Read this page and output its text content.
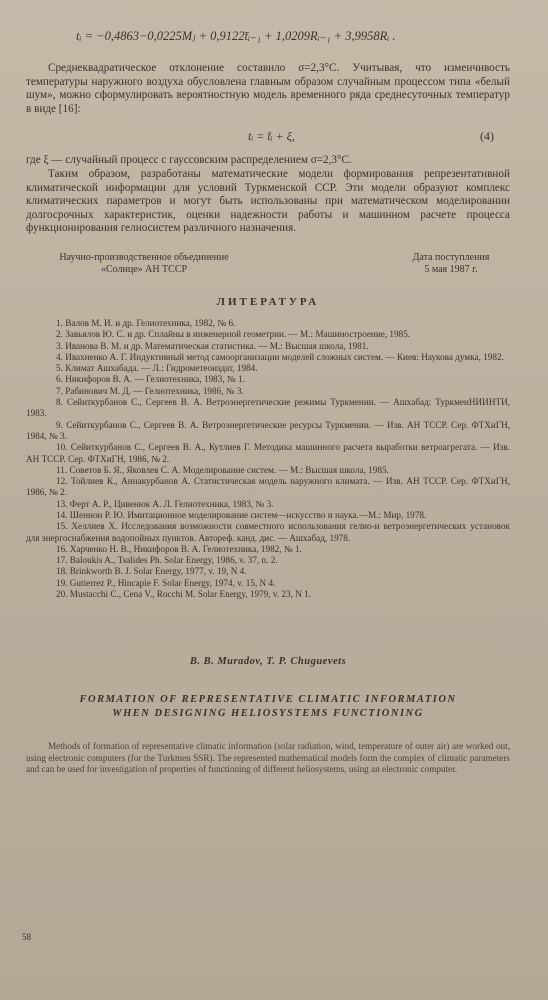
tᵢ = −0,4863−0,0225Mⱼ + 0,9122t̄ᵢ₋₁ + 1,0209Rᵢ₋₁ + 3,9958Rᵢ .

Среднеквадратическое отклонение составило σ=2,3°С. Учитывая, что изменчивость температуры наружного воздуха обусловлена главным образом случайным процессом типа «белый шум», можно сформулировать вероятностную модель временного ряда среднесуточных температур в виде [16]:

tᵢ = t̄ᵢ + ξ,	(4)

где ξ — случайный процесс с гауссовским распределением σ=2,3°С.

Таким образом, разработаны математические модели формирования репрезентативной климатической информации для условий Туркменской ССР. Эти модели образуют комплекс климатических параметров и могут быть использованы при математическом моделировании долгосрочных характеристик, оценки надежности работы и машинном расчете процесса функционирования гелиосистем различного назначения.

Научно-производственное объединение
«Солнце» АН ТССР
Дата поступления
5 мая 1987 г.
ЛИТЕРАТУРА
1. Валов М. И. и др. Гелиотехника, 1982, № 6.
2. Завьялов Ю. С. и др. Сплайны в инженерной геометрии. — М.: Машиностроение, 1985.
3. Иванова В. М. и др. Математическая статистика. — М.: Высшая школа, 1981.
4. Ивахненко А. Г. Индуктивный метод самоорганизации моделей сложных систем. — Киев: Наукова думка, 1982.
5. Климат Ашхабада. — Л.: Гидрометеоиздат, 1984.
6. Никифоров В. А. — Гелиотехника, 1983, № 1.
7. Рабинович М. Д. — Гелиотехника, 1986, № 3.
8. Сейиткурбанов С., Сергеев В. А. Ветроэнергетические режимы Туркмении. — Ашхабад: ТуркменНИИНТИ, 1983.
9. Сейиткурбанов С., Сергеев В. А. Ветроэнергетические ресурсы Туркмении. — Изв. АН ТССР. Сер. ФТХиГН, 1984, № 3.
10. Сейиткурбанов С., Сергеев В. А., Кутлиев Г. Методика машинного расчета выработки ветроагрегата. — Изв. АН ТССР. Сер. ФТХиГН, 1986, № 2.
11. Советов Б. Я., Яковлев С. А. Моделирование систем. — М.: Высшая школа, 1985.
12. Тойлиев К., Аннакурбанов А. Статистическая модель наружного климата. — Изв. АН ТССР. Сер. ФТХиГН, 1986, № 2.
13. Ферт А. Р., Цивенюк А. Л. Гелиотехника, 1983, № 3.
14. Шеннон Р. Ю. Имитационное моделирование систем—искусство и наука.—М.: Мир, 1978.
15. Хеллиев Х. Исследования возможности совместного использования гелио-и ветроэнергетических установок для энергоснабжения водопойных пунктов. Автореф. канд. дис. — Ашхабад, 1978.
16. Харченко Н. В., Никифоров В. А. Гелиотехника, 1982, № 1.
17. Baloukis A., Tsalides Ph. Solar Energy, 1986, v. 37, n. 2.
18. Brinkworth B. J. Solar Energy, 1977, v. 19, N 4.
19. Gutierrez P., Hincapie F. Solar Energy, 1974, v. 15, N 4.
20. Mustacchi C., Cena V., Rocchi M. Solar Energy, 1979, v. 23, N 1.
B. B. Muradov, T. P. Chuguevets
FORMATION OF REPRESENTATIVE CLIMATIC INFORMATION
WHEN DESIGNING HELIOSYSTEMS FUNCTIONING

Methods of formation of representative climatic information (solar radiation, wind, temperature of outer air) are worked out, using electronic computers (for the Turkmen SSR). The represented mathematical models form the complex of climatic parameters and can be used for investigation of properties of functioning of different heliosystems, using an electronic computer.

58
